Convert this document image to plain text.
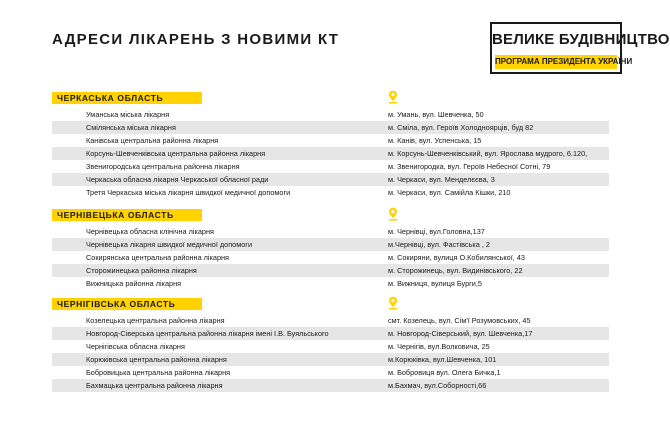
АДРЕСИ ЛІКАРЕНЬ З НОВИМИ КТ	ВЕЛИКЕ БУДІВНИЦТВО
ПРОГРАМА ПРЕЗИДЕНТА УКРАЇНИ
ЧЕРКАСЬКА ОБЛАСТЬ
Уманська міська лікарня	м. Умань, вул. Шевченка, 50
Смілянська міська лікарня	м. Сміла, вул. Героїв Холодноярців, буд 82
Канівська центральна районна лікарня	м. Канів, вул. Успенська, 15
Корсунь-Шевченківська центральна районна лікарня	м. Корсунь-Шевченківський, вул. Ярослава мудрого, 6.120,
Звенигородська центральна районна лікарня	м. Звенигородка, вул. Героїв Небесної Сотні, 79
Черкаська обласна лікарня Черкаської обласної ради	м. Черкаси, вул. Менделєєва, 3
Третя Черкаська міська лікарня швидкої медичної допомоги	м. Черкаси, вул. Самійла Кішки, 210
ЧЕРНІВЕЦЬКА ОБЛАСТЬ
Чернівецька обласна клінічна лікарня	м. Чернівці, вул.Головна,137
Чернівецька лікарня швидкої медичної допомоги	м.Чернівці, вул. Фастівська , 2
Сокирянська центральна районна лікарня	м. Сокиряни, вулиця О.Кобилянської, 43
Сторожинецька районна лікарня	м. Сторожинець, вул. Видинівського, 22
Вижницька районна лікарня	м. Вижниця, вулиця Бурги,5
ЧЕРНІГІВСЬКА ОБЛАСТЬ
Козелецька центральна районна лікарня	смт. Козелець, вул. Сім'ї Розумовських, 45
Новгород-Сіверська центральна районна лікарня імені І.В. Буяльського	м. Новгород-Сіверський, вул. Шевченка,17
Чернігівська обласна лікарня	м. Чернігів, вул.Волковича, 25
Корюківська центральна районна лікарня	м.Корюківка, вул.Шевченка, 101
Бобровицька центральна районна лікарня	м. Бобровиця вул. Олега Бичка,1
Бахмацька центральна районна лікарня	м.Бахмач, вул.Соборності,66
